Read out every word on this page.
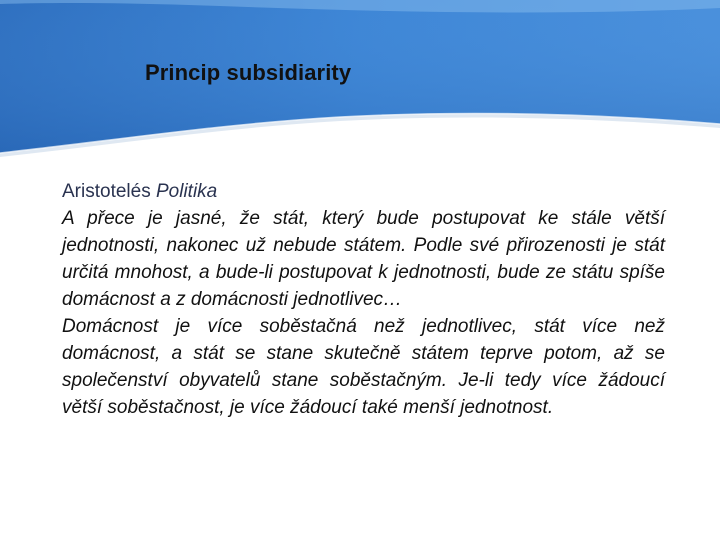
Princip subsidiarity

Aristotelés Politika

A přece je jasné, že stát, který bude postupovat ke stále větší jednotnosti, nakonec už nebude státem. Podle své přirozenosti je stát určitá mnohost, a bude-li postupovat k jednotnosti, bude ze státu spíše domácnost a z domácnosti jednotlivec…

Domácnost je více soběstačná než jednotlivec, stát více než domácnost, a stát se stane skutečně státem teprve potom, až se společenství obyvatelů stane soběstačným. Je-li tedy více žádoucí větší soběstačnost, je více žádoucí také menší jednotnost.
